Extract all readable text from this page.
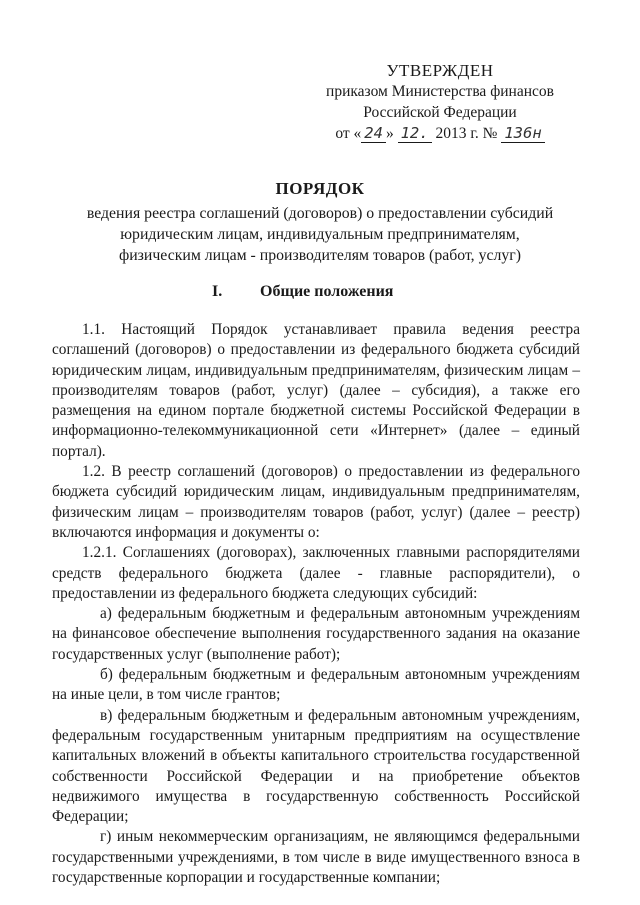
УТВЕРЖДЕН
приказом Министерства финансов
Российской Федерации
от « 24 » 12. 2013 г. № 136н
ПОРЯДОК
ведения реестра соглашений (договоров) о предоставлении субсидий
юридическим лицам, индивидуальным предпринимателям,
физическим лицам - производителям товаров (работ, услуг)
I. Общие положения

1.1. Настоящий Порядок устанавливает правила ведения реестра соглашений (договоров) о предоставлении из федерального бюджета субсидий юридическим лицам, индивидуальным предпринимателям, физическим лицам – производителям товаров (работ, услуг) (далее – субсидия), а также его размещения на едином портале бюджетной системы Российской Федерации в информационно-телекоммуникационной сети «Интернет» (далее – единый портал).

1.2. В реестр соглашений (договоров) о предоставлении из федерального бюджета субсидий юридическим лицам, индивидуальным предпринимателям, физическим лицам – производителям товаров (работ, услуг) (далее – реестр) включаются информация и документы о:

1.2.1. Соглашениях (договорах), заключенных главными распорядителями средств федерального бюджета (далее - главные распорядители), о предоставлении из федерального бюджета следующих субсидий:

а) федеральным бюджетным и федеральным автономным учреждениям на финансовое обеспечение выполнения государственного задания на оказание государственных услуг (выполнение работ);

б) федеральным бюджетным и федеральным автономным учреждениям на иные цели, в том числе грантов;

в) федеральным бюджетным и федеральным автономным учреждениям, федеральным государственным унитарным предприятиям на осуществление капитальных вложений в объекты капитального строительства государственной собственности Российской Федерации и на приобретение объектов недвижимого имущества в государственную собственность Российской Федерации;

г) иным некоммерческим организациям, не являющимся федеральными государственными учреждениями, в том числе в виде имущественного взноса в государственные корпорации и государственные компании;
